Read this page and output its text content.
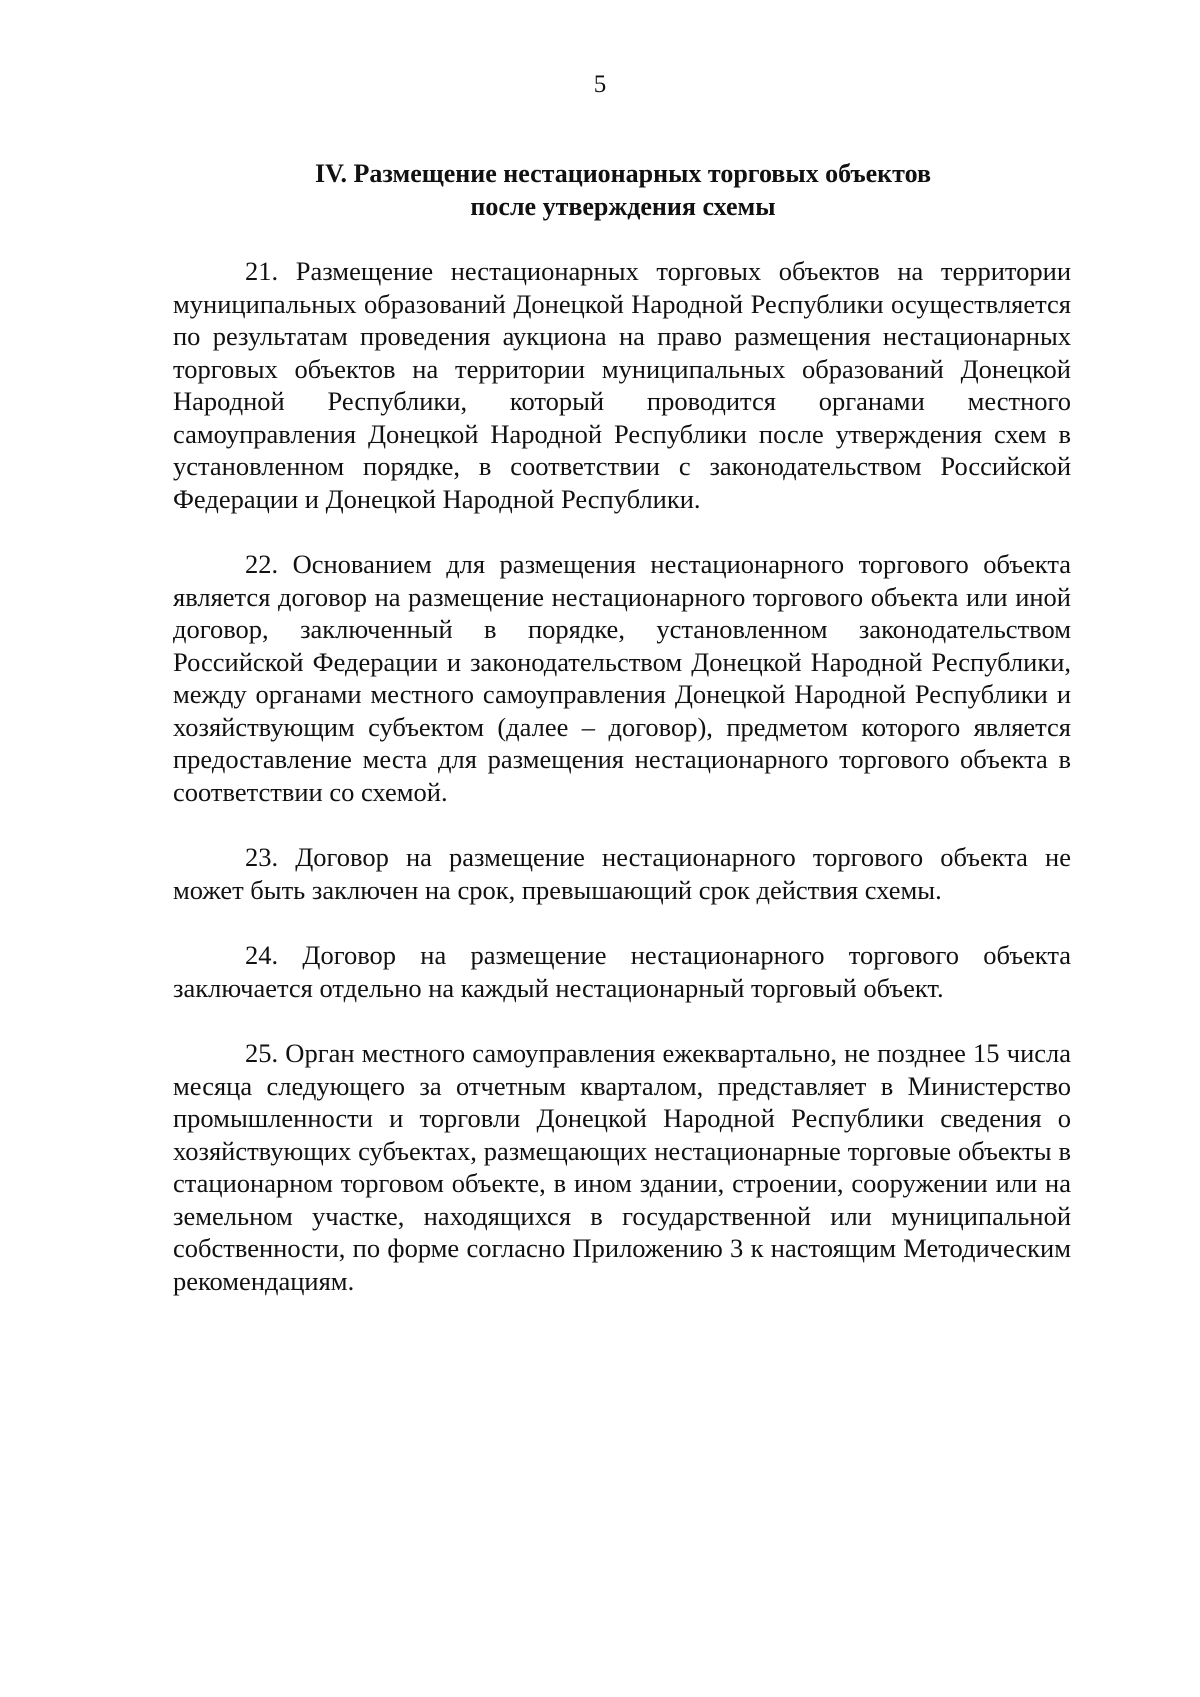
5
IV. Размещение нестационарных торговых объектов
после утверждения схемы

21. Размещение нестационарных торговых объектов на территории муниципальных образований Донецкой Народной Республики осуществляется по результатам проведения аукциона на право размещения нестационарных торговых объектов на территории муниципальных образований Донецкой Народной Республики, который проводится органами местного самоуправления Донецкой Народной Республики после утверждения схем в установленном порядке, в соответствии с законодательством Российской Федерации и Донецкой Народной Республики.

22. Основанием для размещения нестационарного торгового объекта является договор на размещение нестационарного торгового объекта или иной договор, заключенный в порядке, установленном законодательством Российской Федерации и законодательством Донецкой Народной Республики, между органами местного самоуправления Донецкой Народной Республики и хозяйствующим субъектом (далее – договор), предметом которого является предоставление места для размещения нестационарного торгового объекта в соответствии со схемой.

23. Договор на размещение нестационарного торгового объекта не может быть заключен на срок, превышающий срок действия схемы.

24. Договор на размещение нестационарного торгового объекта заключается отдельно на каждый нестационарный торговый объект.

25. Орган местного самоуправления ежеквартально, не позднее 15 числа месяца следующего за отчетным кварталом, представляет в Министерство промышленности и торговли Донецкой Народной Республики сведения о хозяйствующих субъектах, размещающих нестационарные торговые объекты в стационарном торговом объекте, в ином здании, строении, сооружении или на земельном участке, находящихся в государственной или муниципальной собственности, по форме согласно Приложению 3 к настоящим Методическим рекомендациям.
